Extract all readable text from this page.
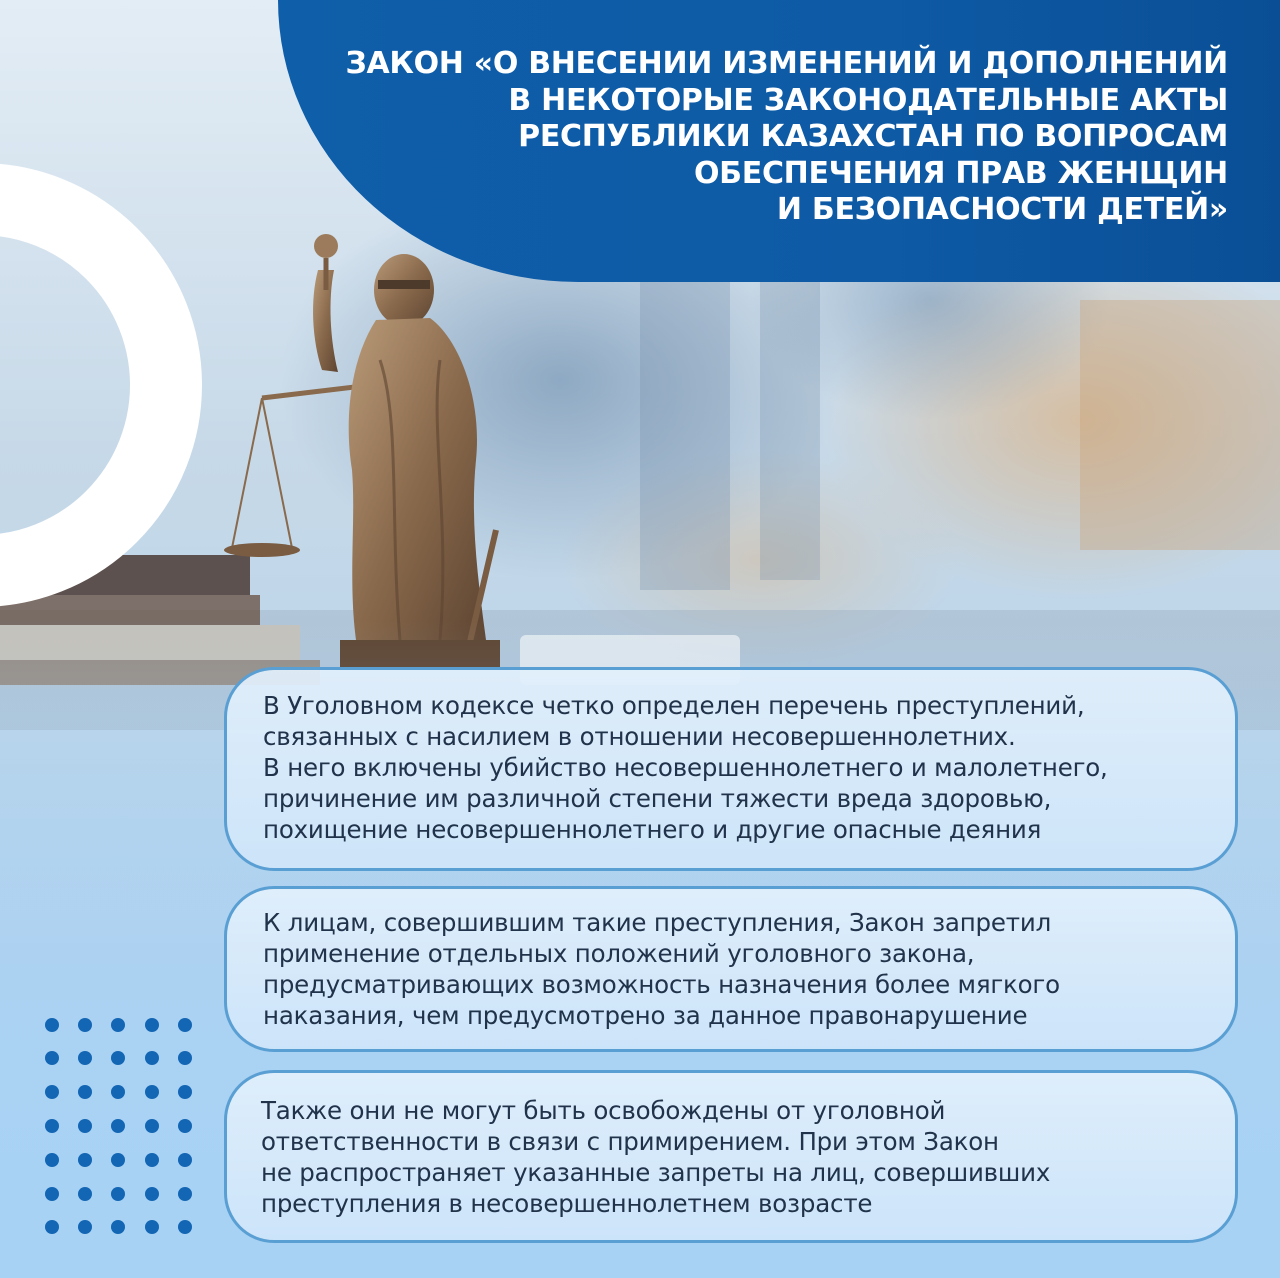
ЗАКОН «О ВНЕСЕНИИ ИЗМЕНЕНИЙ И ДОПОЛНЕНИЙ
В НЕКОТОРЫЕ ЗАКОНОДАТЕЛЬНЫЕ АКТЫ
РЕСПУБЛИКИ КАЗАХСТАН ПО ВОПРОСАМ
ОБЕСПЕЧЕНИЯ ПРАВ ЖЕНЩИН
И БЕЗОПАСНОСТИ ДЕТЕЙ»
В Уголовном кодексе четко определен перечень преступлений,
связанных с насилием в отношении несовершеннолетних.
В него включены убийство несовершеннолетнего и малолетнего,
причинение им различной степени тяжести вреда здоровью,
похищение несовершеннолетнего и другие опасные деяния
К лицам, совершившим такие преступления, Закон запретил
применение отдельных положений уголовного закона,
предусматривающих возможность назначения более мягкого
наказания, чем предусмотрено за данное правонарушение
Также они не могут быть освобождены от уголовной
ответственности в связи с примирением. При этом Закон
не распространяет указанные запреты на лиц, совершивших
преступления в несовершеннолетнем возрасте
